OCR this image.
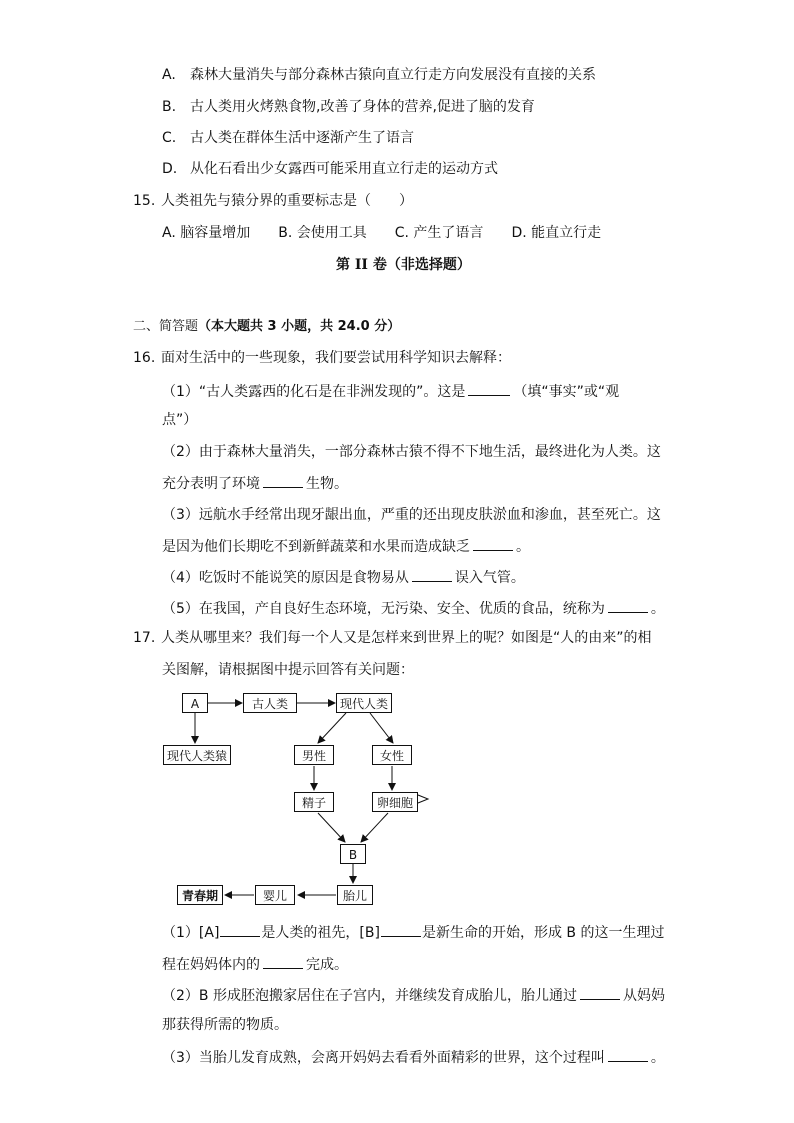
A. 森林大量消失与部分森林古猿向直立行走方向发展没有直接的关系
B. 古人类用火烤熟食物,改善了身体的营养,促进了脑的发育
C. 古人类在群体生活中逐渐产生了语言
D. 从化石看出少女露西可能采用直立行走的运动方式
15. 人类祖先与猿分界的重要标志是（　　）
A. 脑容量增加 B. 会使用工具 C. 产生了语言 D. 能直立行走
第 II 卷（非选择题）
二、简答题（本大题共 3 小题，共 24.0 分）
16. 面对生活中的一些现象，我们要尝试用科学知识去解释：
（1）“古人类露西的化石是在非洲发现的”。这是	（填“事实”或“观
点”）
（2）由于森林大量消失，一部分森林古猿不得不下地生活，最终进化为人类。这
充分表明了环境	生物。
（3）远航水手经常出现牙龈出血，严重的还出现皮肤淤血和渗血，甚至死亡。这
是因为他们长期吃不到新鲜蔬菜和水果而造成缺乏	。
（4）吃饭时不能说笑的原因是食物易从	误入气管。
（5）在我国，产自良好生态环境，无污染、安全、优质的食品，统称为	。
17. 人类从哪里来？我们每一个人又是怎样来到世界上的呢？如图是“人的由来”的相
关图解，请根据图中提示回答有关问题：
A	古人类	现代人类
现代人类猿	男性	女性
精子	卵细胞
B
胎儿
婴儿
青春期
（1）[A]	是人类的祖先，[B]	是新生命的开始，形成 B 的这一生理过
程在妈妈体内的	完成。
（2）B 形成胚泡搬家居住在子宫内，并继续发育成胎儿，胎儿通过	从妈妈
那获得所需的物质。
（3）当胎儿发育成熟，会离开妈妈去看看外面精彩的世界，这个过程叫	。
